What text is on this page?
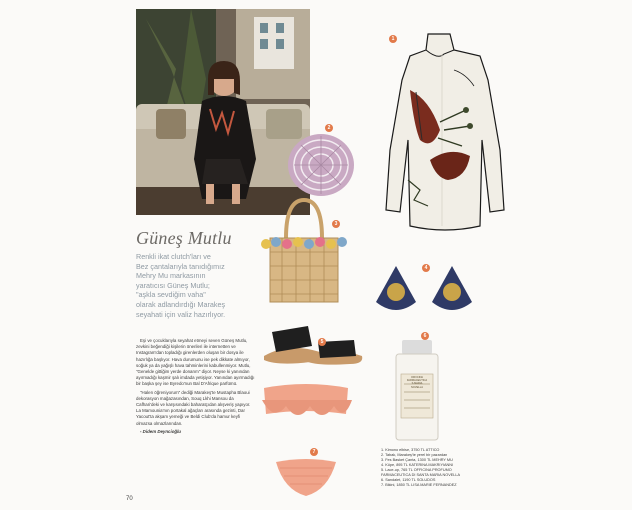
Güneş Mutlu

Renkli ikat clutch'ları ve

Bez çantalarıyla tanıdığımız

Mehry Mu markasının

yaratıcısı Güneş Mutlu;

"aşkla sevdiğim vaha"

olarak adlandırdığı Marakeş

seyahati için valiz hazırlıyor.

Eşi ve çocuklarıyla seyahat etmeyi seven Güneş Mutlu, zevkini beğendiği kişilerin önerileri ile internetten ve Instagram'dan topladığı girenlerden oluşan bir dosya ile hazırlığa başlıyor. Hava durumunu ise pek dikkate almıyor, soğuk ya da yağışlı hava tahminlerini kabullenmiyor. Mutlu, "Genelde gittiğim yerde donarım" diyor. Neyse ki yanından ayırmadığı kaşmir şalı imdada yetişiyor. Yanından ayırmadığı bir başka şey ise Byredo'nun Bal D'Afrique parfümü.

"Halen öğreniyorum" dediği Marakeş'te Mustapha Blaoui dekorasyon mağazasından, Souq Lkhi Mansou da Cafhari'deki ve karşısındaki baharatçıdan alışveriş yapıyor. La Mamounia'nın portakal ağaçları arasında gezinti, Dar Yacout'ta akşam yemeği ve Beldi Club'da hamur keyfi olmazsa olmazlarından.

- Didem Deyncioğlu

1
2
3
4
5
OFFICINA
FARMACEUTICA
S.MARIA
NOVELLA
6
7	1. Kimono elbise, 3750 TL ATTICO
2. Tabak, Marakeş'te yerel bir pazardan
3. Fes Basket Çanta, 1300 TL MEHRY MU
4. Küpe, 895 TL KATERINA MAKRIYIANNI
5. Lace-up, 765 TL OFFICINA PROFUMO
FARMACEUTICA DI SANTA MARIA NOVELLA
6. Sandalet, 1190 TL SOLUDOS
7. Bikini, 1850 TL LISA MARIE FERNANDEZ
70
